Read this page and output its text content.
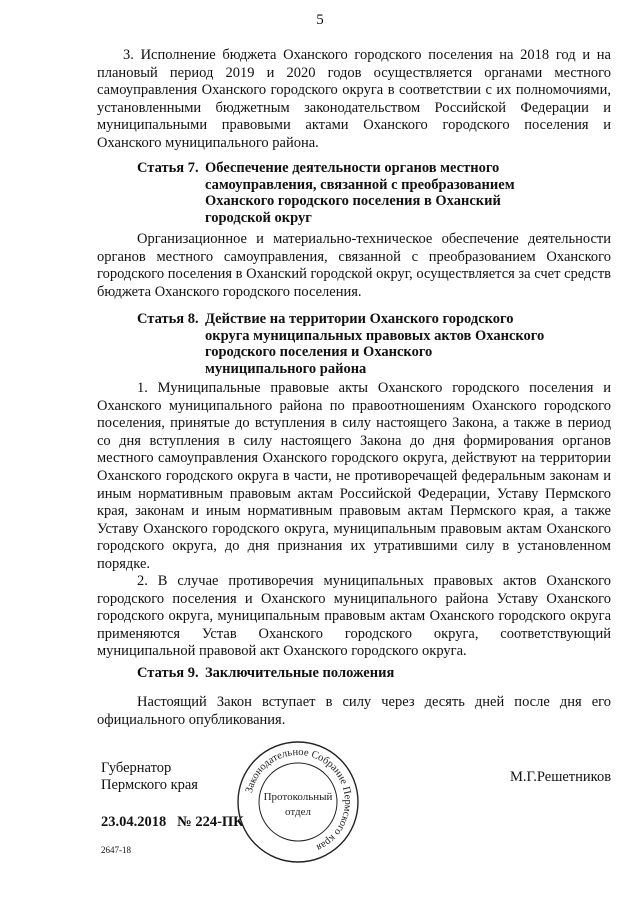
5

3. Исполнение бюджета Оханского городского поселения на 2018 год и на плановый период 2019 и 2020 годов осуществляется органами местного самоуправления Оханского городского округа в соответствии с их полномочиями, установленными бюджетным законодательством Российской Федерации и муниципальными правовыми актами Оханского городского поселения и Оханского муниципального района.

Статья 7. Обеспечение деятельности органов местного самоуправления, связанной с преобразованием Оханского городского поселения в Оханский городской округ

Организационное и материально-техническое обеспечение деятельности органов местного самоуправления, связанной с преобразованием Оханского городского поселения в Оханский городской округ, осуществляется за счет средств бюджета Оханского городского поселения.

Статья 8. Действие на территории Оханского городского округа муниципальных правовых актов Оханского городского поселения и Оханского муниципального района

1. Муниципальные правовые акты Оханского городского поселения и Оханского муниципального района по правоотношениям Оханского городского поселения, принятые до вступления в силу настоящего Закона, а также в период со дня вступления в силу настоящего Закона до дня формирования органов местного самоуправления Оханского городского округа, действуют на территории Оханского городского округа в части, не противоречащей федеральным законам и иным нормативным правовым актам Российской Федерации, Уставу Пермского края, законам и иным нормативным правовым актам Пермского края, а также Уставу Оханского городского округа, муниципальным правовым актам Оханского городского округа, до дня признания их утратившими силу в установленном порядке.

2. В случае противоречия муниципальных правовых актов Оханского городского поселения и Оханского муниципального района Уставу Оханского городского округа, муниципальным правовым актам Оханского городского округа применяются Устав Оханского городского округа, соответствующий муниципальной правовой акт Оханского городского округа.

Статья 9. Заключительные положения

Настоящий Закон вступает в силу через десять дней после дня его официального опубликования.

Губернатор
Пермского края	М.Г.Решетников
23.04.2018   № 224-ПК
2647-18
Законодательное Собрание Пермского края
Протокольный
отдел
